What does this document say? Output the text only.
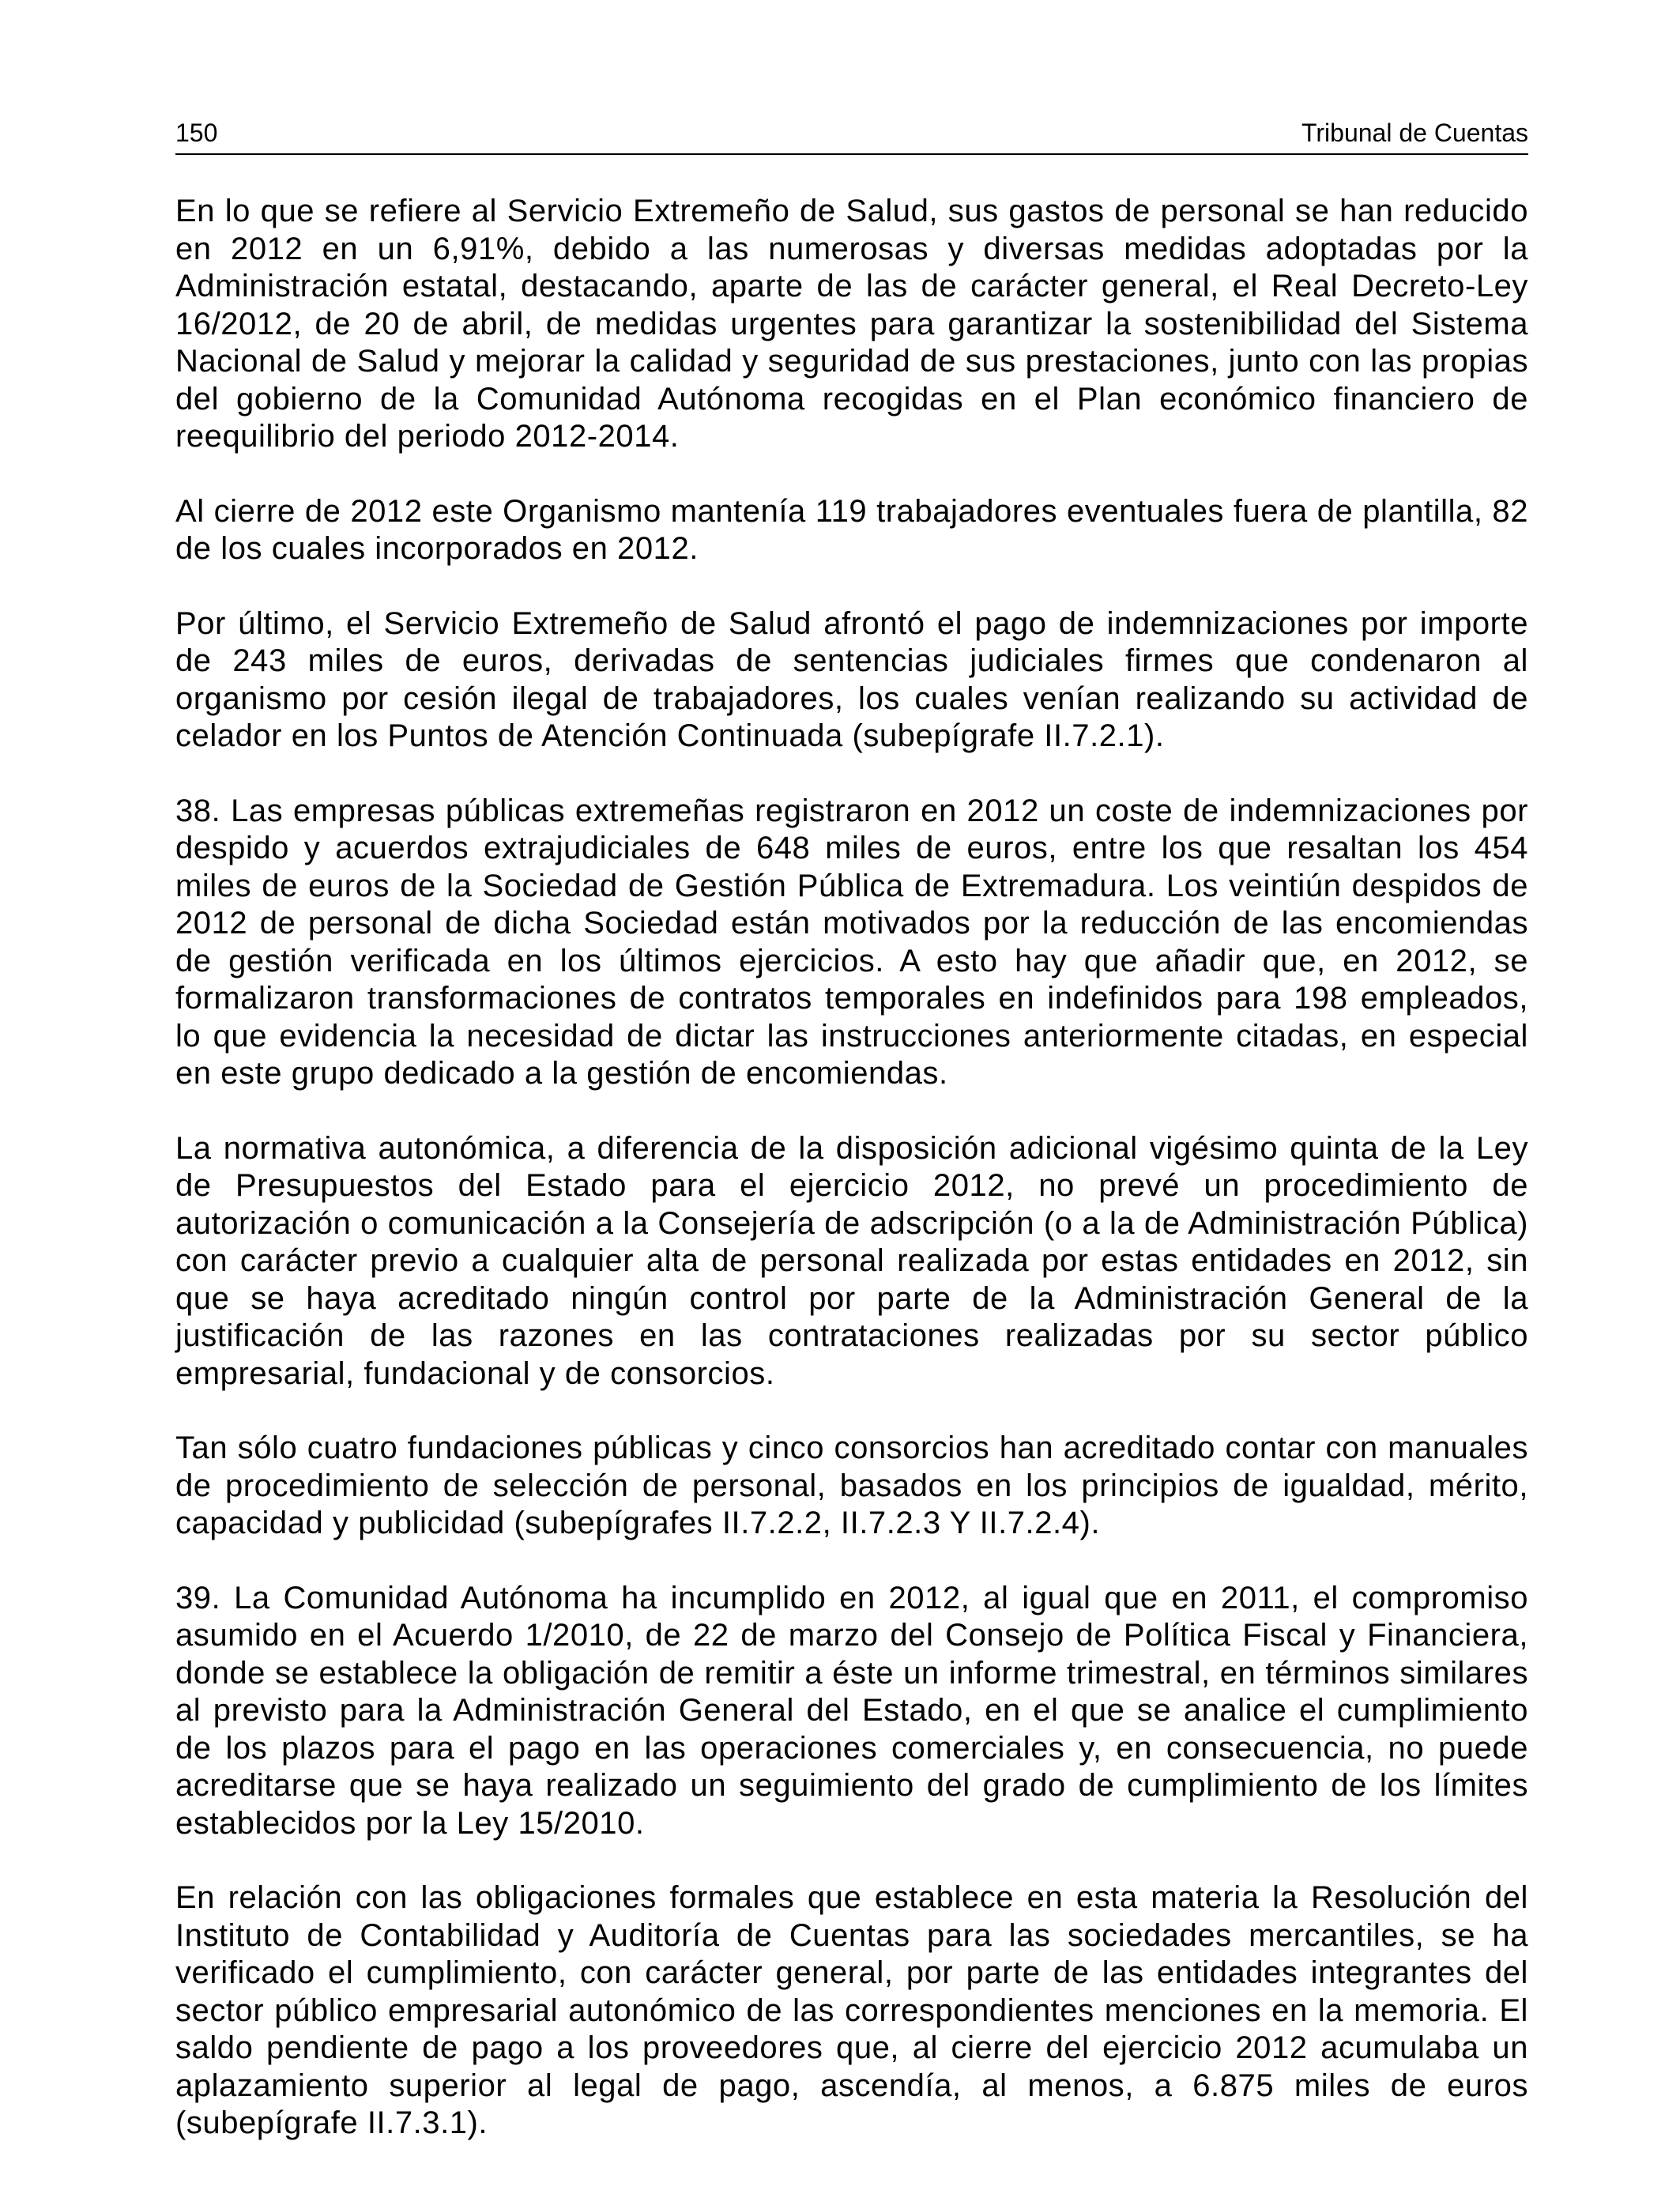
150	Tribunal de Cuentas

En lo que se refiere al Servicio Extremeño de Salud, sus gastos de personal se han reducido en 2012 en un 6,91%, debido a las numerosas y diversas medidas adoptadas por la Administración estatal, destacando, aparte de las de carácter general, el Real Decreto-Ley 16/2012, de 20 de abril, de medidas urgentes para garantizar la sostenibilidad del Sistema Nacional de Salud y mejorar la calidad y seguridad de sus prestaciones, junto con las propias del gobierno de la Comunidad Autónoma recogidas en el Plan económico financiero de reequilibrio del periodo 2012-2014.

Al cierre de 2012 este Organismo mantenía 119 trabajadores eventuales fuera de plantilla, 82 de los cuales incorporados en 2012.

Por último, el Servicio Extremeño de Salud afrontó el pago de indemnizaciones por importe de 243 miles de euros, derivadas de sentencias judiciales firmes que condenaron al organismo por cesión ilegal de trabajadores, los cuales venían realizando su actividad de celador en los Puntos de Atención Continuada (subepígrafe II.7.2.1).

38. Las empresas públicas extremeñas registraron en 2012 un coste de indemnizaciones por despido y acuerdos extrajudiciales de 648 miles de euros, entre los que resaltan los 454 miles de euros de la Sociedad de Gestión Pública de Extremadura. Los veintiún despidos de 2012 de personal de dicha Sociedad están motivados por la reducción de las encomiendas de gestión verificada en los últimos ejercicios. A esto hay que añadir que, en 2012, se formalizaron transformaciones de contratos temporales en indefinidos para 198 empleados, lo que evidencia la necesidad de dictar las instrucciones anteriormente citadas, en especial en este grupo dedicado a la gestión de encomiendas.

La normativa autonómica, a diferencia de la disposición adicional vigésimo quinta de la Ley de Presupuestos del Estado para el ejercicio 2012, no prevé un procedimiento de autorización o comunicación a la Consejería de adscripción (o a la de Administración Pública) con carácter previo a cualquier alta de personal realizada por estas entidades en 2012, sin que se haya acreditado ningún control por parte de la Administración General de la justificación de las razones en las contrataciones realizadas por su sector público empresarial, fundacional y de consorcios.

Tan sólo cuatro fundaciones públicas y cinco consorcios han acreditado contar con manuales de procedimiento de selección de personal, basados en los principios de igualdad, mérito, capacidad y publicidad (subepígrafes II.7.2.2, II.7.2.3 Y II.7.2.4).

39. La Comunidad Autónoma ha incumplido en 2012, al igual que en 2011, el compromiso asumido en el Acuerdo 1/2010, de 22 de marzo del Consejo de Política Fiscal y Financiera, donde se establece la obligación de remitir a éste un informe trimestral, en términos similares al previsto para la Administración General del Estado, en el que se analice el cumplimiento de los plazos para el pago en las operaciones comerciales y, en consecuencia, no puede acreditarse que se haya realizado un seguimiento del grado de cumplimiento de los límites establecidos por la Ley 15/2010.

En relación con las obligaciones formales que establece en esta materia la Resolución del Instituto de Contabilidad y Auditoría de Cuentas para las sociedades mercantiles, se ha verificado el cumplimiento, con carácter general, por parte de las entidades integrantes del sector público empresarial autonómico de las correspondientes menciones en la memoria. El saldo pendiente de pago a los proveedores que, al cierre del ejercicio 2012 acumulaba un aplazamiento superior al legal de pago, ascendía, al menos, a 6.875 miles de euros (subepígrafe II.7.3.1).
